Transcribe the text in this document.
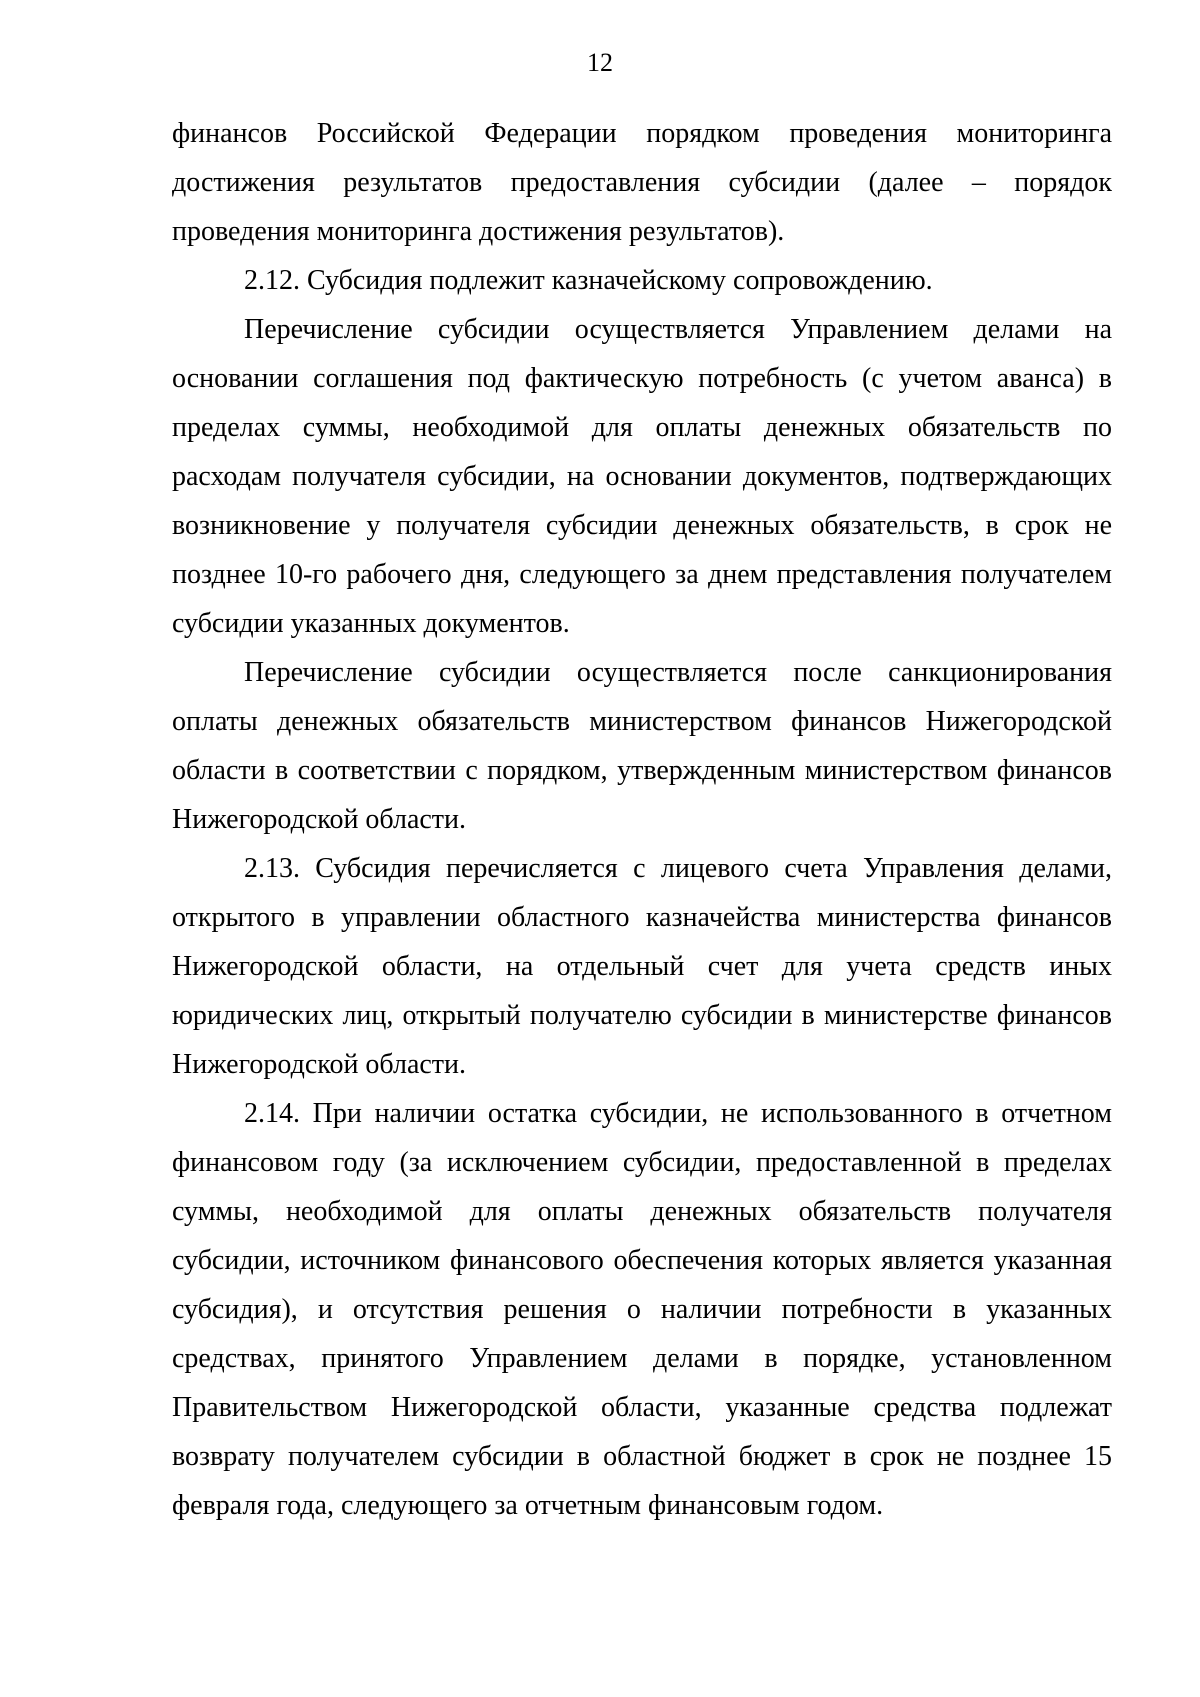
12

финансов Российской Федерации порядком проведения мониторинга достижения результатов предоставления субсидии (далее – порядок проведения мониторинга достижения результатов).

2.12. Субсидия подлежит казначейскому сопровождению.

Перечисление субсидии осуществляется Управлением делами на основании соглашения под фактическую потребность (с учетом аванса) в пределах суммы, необходимой для оплаты денежных обязательств по расходам получателя субсидии, на основании документов, подтверждающих возникновение у получателя субсидии денежных обязательств, в срок не позднее 10-го рабочего дня, следующего за днем представления получателем субсидии указанных документов.

Перечисление субсидии осуществляется после санкционирования оплаты денежных обязательств министерством финансов Нижегородской области в соответствии с порядком, утвержденным министерством финансов Нижегородской области.

2.13. Субсидия перечисляется с лицевого счета Управления делами, открытого в управлении областного казначейства министерства финансов Нижегородской области, на отдельный счет для учета средств иных юридических лиц, открытый получателю субсидии в министерстве финансов Нижегородской области.

2.14. При наличии остатка субсидии, не использованного в отчетном финансовом году (за исключением субсидии, предоставленной в пределах суммы, необходимой для оплаты денежных обязательств получателя субсидии, источником финансового обеспечения которых является указанная субсидия), и отсутствия решения о наличии потребности в указанных средствах, принятого Управлением делами в порядке, установленном Правительством Нижегородской области, указанные средства подлежат возврату получателем субсидии в областной бюджет в срок не позднее 15 февраля года, следующего за отчетным финансовым годом.
